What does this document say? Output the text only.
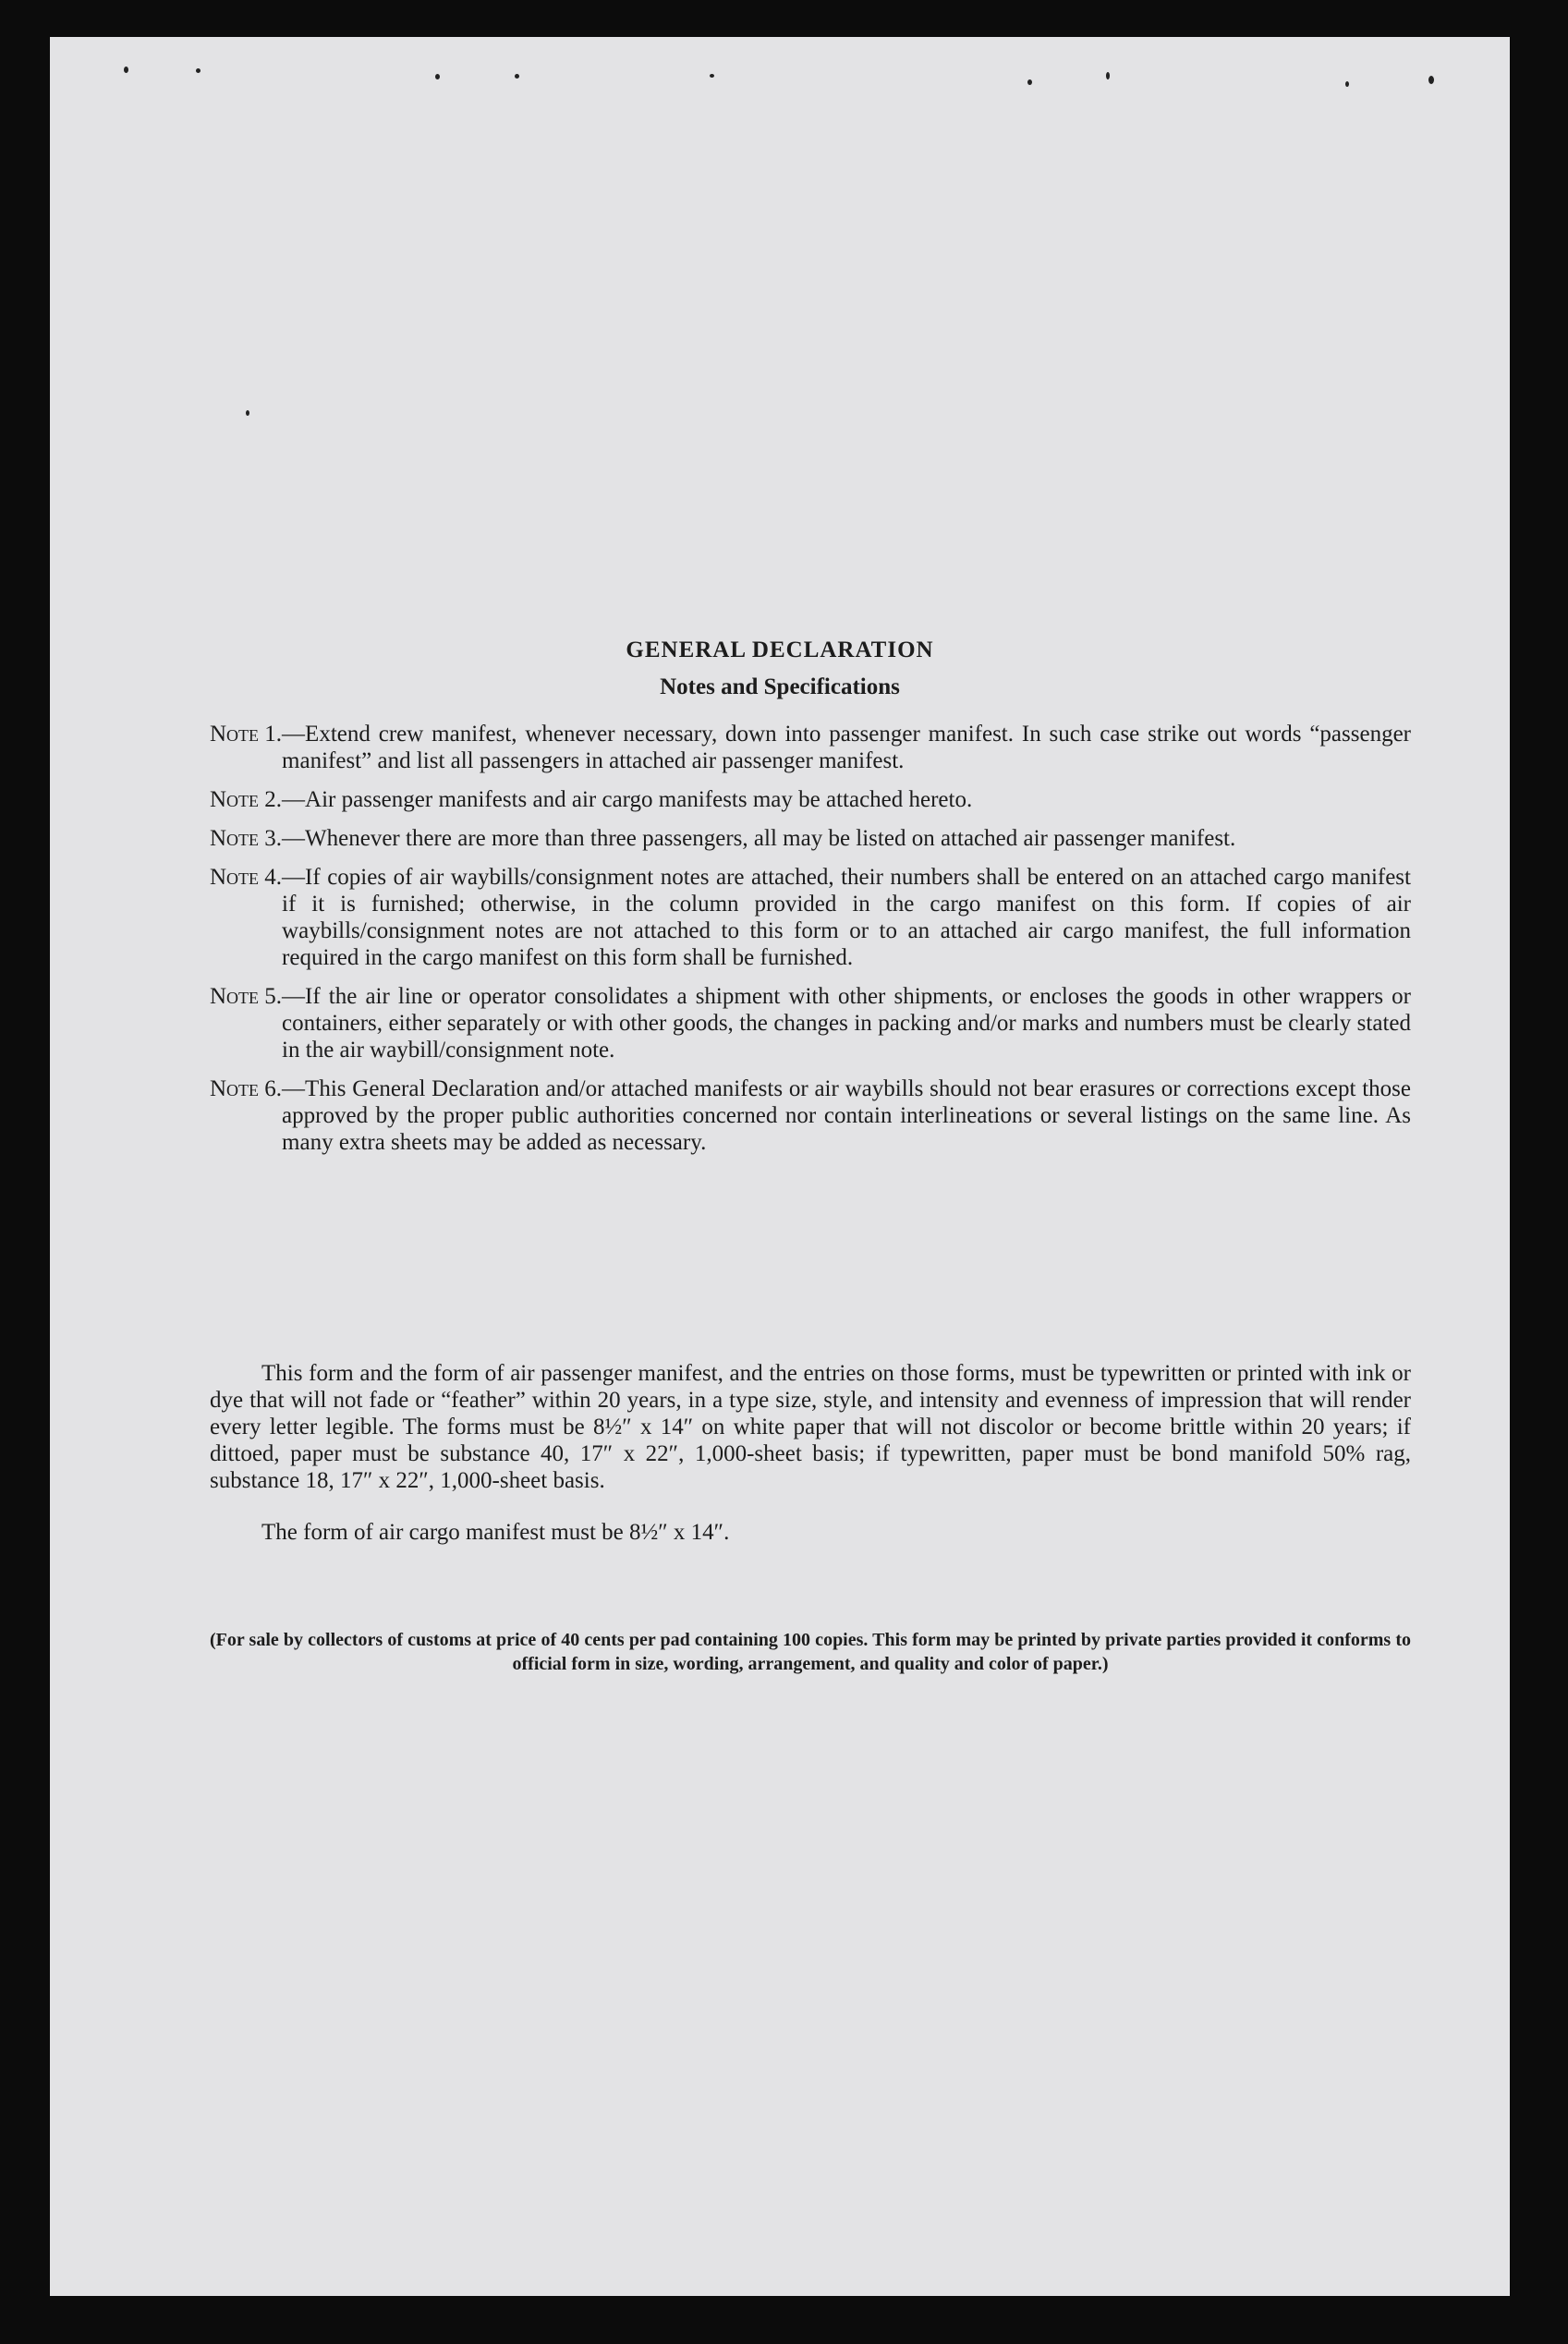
GENERAL DECLARATION
Notes and Specifications
Note 1. —Extend crew manifest, whenever necessary, down into passenger manifest. In such case strike out words “passenger manifest” and list all passengers in attached air passenger manifest.
Note 2. —Air passenger manifests and air cargo manifests may be attached hereto.
Note 3. —Whenever there are more than three passengers, all may be listed on attached air passenger manifest.
Note 4. —If copies of air waybills/consignment notes are attached, their numbers shall be entered on an attached cargo manifest if it is furnished; otherwise, in the column provided in the cargo manifest on this form. If copies of air waybills/consignment notes are not attached to this form or to an attached air cargo manifest, the full information required in the cargo manifest on this form shall be furnished.
Note 5. —If the air line or operator consolidates a shipment with other shipments, or encloses the goods in other wrappers or containers, either separately or with other goods, the changes in packing and/or marks and numbers must be clearly stated in the air waybill/consignment note.
Note 6. —This General Declaration and/or attached manifests or air waybills should not bear erasures or corrections except those approved by the proper public authorities concerned nor contain interlineations or several listings on the same line. As many extra sheets may be added as necessary.
This form and the form of air passenger manifest, and the entries on those forms, must be typewritten or printed with ink or dye that will not fade or “feather” within 20 years, in a type size, style, and intensity and evenness of impression that will render every letter legible. The forms must be 8½″ x 14″ on white paper that will not discolor or become brittle within 20 years; if dittoed, paper must be substance 40, 17″ x 22″, 1,000-sheet basis; if typewritten, paper must be bond manifold 50% rag, substance 18, 17″ x 22″, 1,000-sheet basis.
The form of air cargo manifest must be 8½″ x 14″.
(For sale by collectors of customs at price of 40 cents per pad containing 100 copies. This form may be printed by private parties provided it conforms to official form in size, wording, arrangement, and quality and color of paper.)
